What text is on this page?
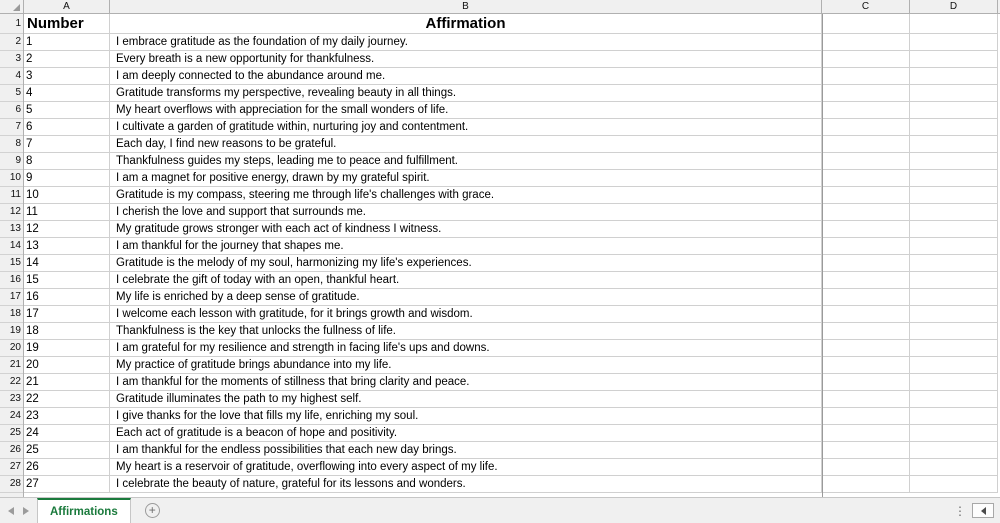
A	B	C	D
1
2
3
4
5
6
7
8
9
10
11
12
13
14
15
16
17
18
19
20
21
22
23
24
25
26
27
28
Number	Affirmation
1	I embrace gratitude as the foundation of my daily journey.
2	Every breath is a new opportunity for thankfulness.
3	I am deeply connected to the abundance around me.
4	Gratitude transforms my perspective, revealing beauty in all things.
5	My heart overflows with appreciation for the small wonders of life.
6	I cultivate a garden of gratitude within, nurturing joy and contentment.
7	Each day, I find new reasons to be grateful.
8	Thankfulness guides my steps, leading me to peace and fulfillment.
9	I am a magnet for positive energy, drawn by my grateful spirit.
10	Gratitude is my compass, steering me through life's challenges with grace.
11	I cherish the love and support that surrounds me.
12	My gratitude grows stronger with each act of kindness I witness.
13	I am thankful for the journey that shapes me.
14	Gratitude is the melody of my soul, harmonizing my life's experiences.
15	I celebrate the gift of today with an open, thankful heart.
16	My life is enriched by a deep sense of gratitude.
17	I welcome each lesson with gratitude, for it brings growth and wisdom.
18	Thankfulness is the key that unlocks the fullness of life.
19	I am grateful for my resilience and strength in facing life's ups and downs.
20	My practice of gratitude brings abundance into my life.
21	I am thankful for the moments of stillness that bring clarity and peace.
22	Gratitude illuminates the path to my highest self.
23	I give thanks for the love that fills my life, enriching my soul.
24	Each act of gratitude is a beacon of hope and positivity.
25	I am thankful for the endless possibilities that each new day brings.
26	My heart is a reservoir of gratitude, overflowing into every aspect of my life.
27	I celebrate the beauty of nature, grateful for its lessons and wonders.
Affirmations	+	⋮
